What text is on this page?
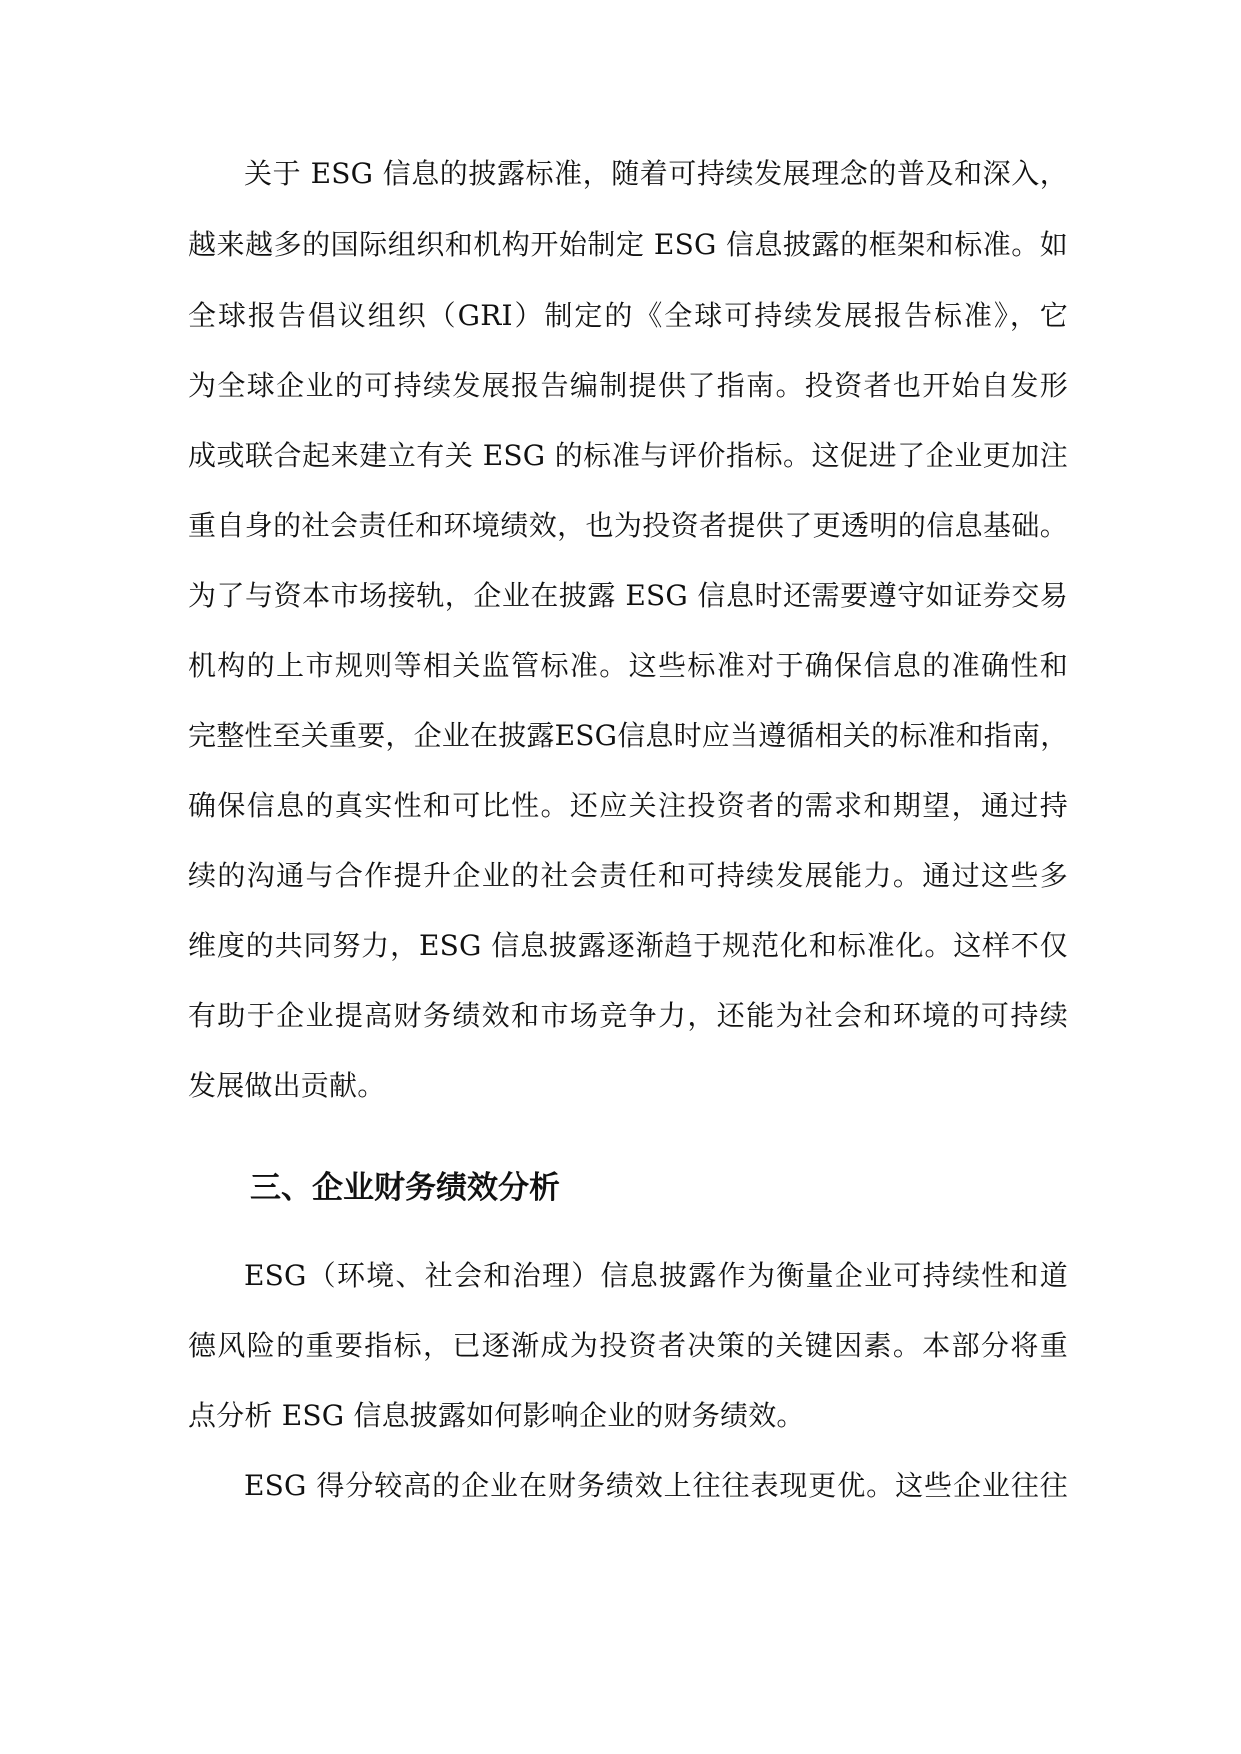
关于 ESG 信息的披露标准，随着可持续发展理念的普及和深入，
越来越多的国际组织和机构开始制定 ESG 信息披露的框架和标准。如
全球报告倡议组织（GRI）制定的《全球可持续发展报告标准》，它
为全球企业的可持续发展报告编制提供了指南。投资者也开始自发形
成或联合起来建立有关 ESG 的标准与评价指标。这促进了企业更加注
重自身的社会责任和环境绩效，也为投资者提供了更透明的信息基础。
为了与资本市场接轨，企业在披露 ESG 信息时还需要遵守如证券交易
机构的上市规则等相关监管标准。这些标准对于确保信息的准确性和
完整性至关重要，企业在披露ESG信息时应当遵循相关的标准和指南，
确保信息的真实性和可比性。还应关注投资者的需求和期望，通过持
续的沟通与合作提升企业的社会责任和可持续发展能力。通过这些多
维度的共同努力，ESG 信息披露逐渐趋于规范化和标准化。这样不仅
有助于企业提高财务绩效和市场竞争力，还能为社会和环境的可持续
发展做出贡献。
三、企业财务绩效分析
ESG（环境、社会和治理）信息披露作为衡量企业可持续性和道
德风险的重要指标，已逐渐成为投资者决策的关键因素。本部分将重
点分析 ESG 信息披露如何影响企业的财务绩效。
ESG 得分较高的企业在财务绩效上往往表现更优。这些企业往往
